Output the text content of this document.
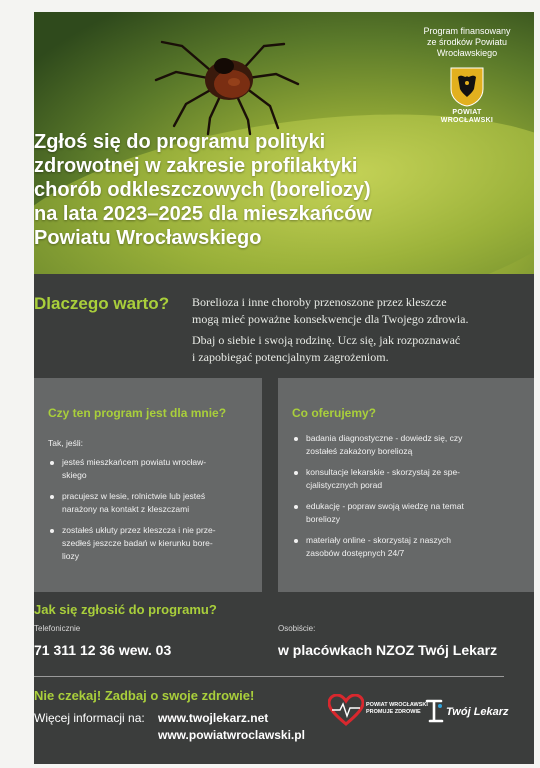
Program finansowany
ze środków Powiatu
Wrocławskiego
POWIAT
WROCŁAWSKI
Zgłoś się do programu polityki
zdrowotnej w zakresie profilaktyki
chorób odkleszczowych (boreliozy)
na lata 2023–2025 dla mieszkańców
Powiatu Wrocławskiego
Dlaczego warto? Borelioza i inne choroby przenoszone przez kleszcze
mogą mieć poważne konsekwencje dla Twojego zdrowia.

Dbaj o siebie i swoją rodzinę. Ucz się, jak rozpoznawać
i zapobiegać potencjalnym zagrożeniom.

Czy ten program jest dla mnie?
Tak, jeśli:
jesteś mieszkańcem powiatu wrocław-
skiego
pracujesz w lesie, rolnictwie lub jesteś
narażony na kontakt z kleszczami
zostałeś ukłuty przez kleszcza i nie prze-
szedłeś jeszcze badań w kierunku bore-
liozy
Co oferujemy?
badania diagnostyczne - dowiedz się, czy
zostałeś zakażony boreliozą
konsultacje lekarskie - skorzystaj ze spe-
cjalistycznych porad
edukację - popraw swoją wiedzę na temat
boreliozy
materiały online - skorzystaj z naszych
zasobów dostępnych 24/7
Jak się zgłosić do programu?
Telefonicznie
71 311 12 36 wew. 03
Osobiście:
w placówkach NZOZ Twój Lekarz
Nie czekaj! Zadbaj o swoje zdrowie!
Więcej informacji na: www.twojlekarz.net
www.powiatwroclawski.pl
POWIAT WROCŁAWSKI
PROMUJE ZDROWIE	Twój Lekarz
